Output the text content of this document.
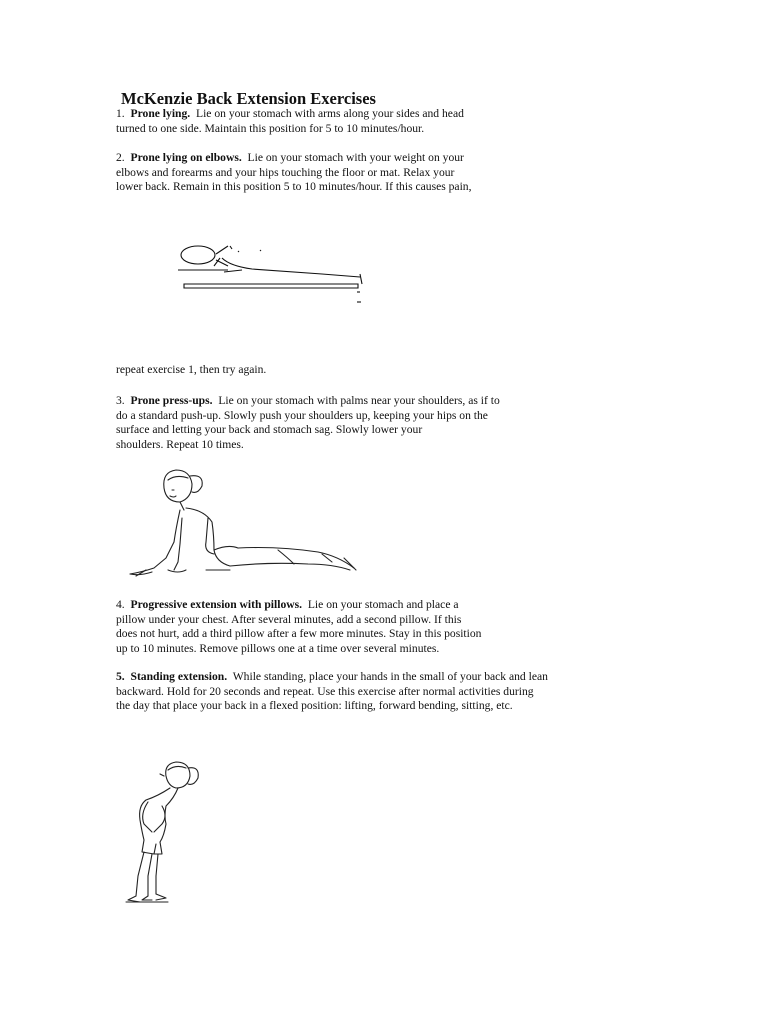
McKenzie Back Extension Exercises
1. Prone lying. Lie on your stomach with arms along your sides and head
turned to one side. Maintain this position for 5 to 10 minutes/hour.
2. Prone lying on elbows. Lie on your stomach with your weight on your
elbows and forearms and your hips touching the floor or mat. Relax your
lower back. Remain in this position 5 to 10 minutes/hour. If this causes pain,
repeat exercise 1, then try again.
3. Prone press-ups. Lie on your stomach with palms near your shoulders, as if to
do a standard push-up. Slowly push your shoulders up, keeping your hips on the
surface and letting your back and stomach sag. Slowly lower your
shoulders. Repeat 10 times.
4. Progressive extension with pillows. Lie on your stomach and place a
pillow under your chest. After several minutes, add a second pillow. If this
does not hurt, add a third pillow after a few more minutes. Stay in this position
up to 10 minutes. Remove pillows one at a time over several minutes.
5. Standing extension. While standing, place your hands in the small of your back and lean
backward. Hold for 20 seconds and repeat. Use this exercise after normal activities during
the day that place your back in a flexed position: lifting, forward bending, sitting, etc.
